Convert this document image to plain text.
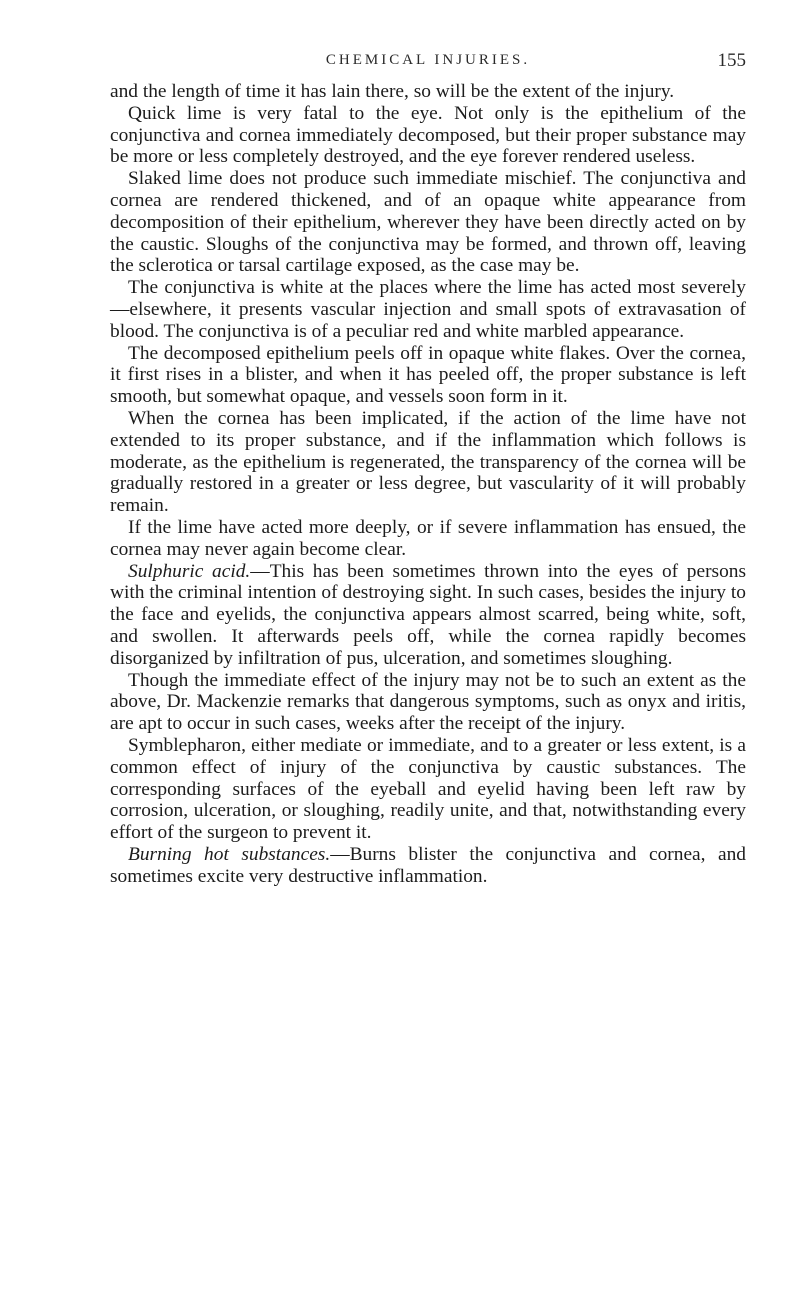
CHEMICAL INJURIES.	155

and the length of time it has lain there, so will be the extent of the injury.

Quick lime is very fatal to the eye. Not only is the epithelium of the conjunctiva and cornea immediately decomposed, but their proper substance may be more or less completely destroyed, and the eye forever rendered useless.

Slaked lime does not produce such immediate mischief. The conjunctiva and cornea are rendered thickened, and of an opaque white appearance from decomposition of their epithelium, wherever they have been directly acted on by the caustic. Sloughs of the conjunctiva may be formed, and thrown off, leaving the sclerotica or tarsal cartilage exposed, as the case may be.

The conjunctiva is white at the places where the lime has acted most severely—elsewhere, it presents vascular injection and small spots of extravasation of blood. The conjunctiva is of a peculiar red and white marbled appearance.

The decomposed epithelium peels off in opaque white flakes. Over the cornea, it first rises in a blister, and when it has peeled off, the proper substance is left smooth, but somewhat opaque, and vessels soon form in it.

When the cornea has been implicated, if the action of the lime have not extended to its proper substance, and if the inflammation which follows is moderate, as the epithelium is regenerated, the transparency of the cornea will be gradually restored in a greater or less degree, but vascularity of it will probably remain.

If the lime have acted more deeply, or if severe inflammation has ensued, the cornea may never again become clear.

Sulphuric acid.—This has been sometimes thrown into the eyes of persons with the criminal intention of destroying sight. In such cases, besides the injury to the face and eyelids, the conjunctiva appears almost scarred, being white, soft, and swollen. It afterwards peels off, while the cornea rapidly becomes disorganized by infiltration of pus, ulceration, and sometimes sloughing.

Though the immediate effect of the injury may not be to such an extent as the above, Dr. Mackenzie remarks that dangerous symptoms, such as onyx and iritis, are apt to occur in such cases, weeks after the receipt of the injury.

Symblepharon, either mediate or immediate, and to a greater or less extent, is a common effect of injury of the conjunctiva by caustic substances. The corresponding surfaces of the eyeball and eyelid having been left raw by corrosion, ulceration, or sloughing, readily unite, and that, notwithstanding every effort of the surgeon to prevent it.

Burning hot substances.—Burns blister the conjunctiva and cornea, and sometimes excite very destructive inflammation.
